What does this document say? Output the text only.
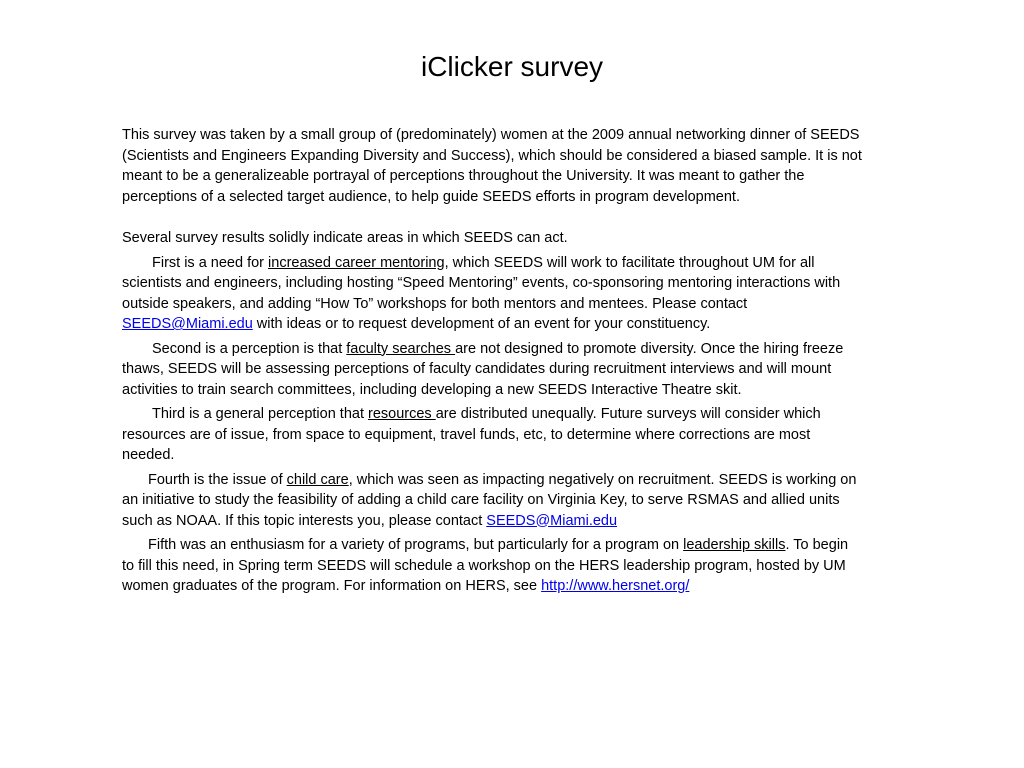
iClicker survey

This survey was taken by a small group of (predominately) women at the 2009 annual networking dinner of SEEDS (Scientists and Engineers Expanding Diversity and Success), which should be considered a biased sample. It is not meant to be a generalizeable portrayal of perceptions throughout the University. It was meant to gather the perceptions of a selected target audience, to help guide SEEDS efforts in program development.

Several survey results solidly indicate areas in which SEEDS can act.

First is a need for increased career mentoring, which SEEDS will work to facilitate throughout UM for all scientists and engineers, including hosting “Speed Mentoring” events, co-sponsoring mentoring interactions with outside speakers, and adding “How To” workshops for both mentors and mentees. Please contact SEEDS@Miami.edu with ideas or to request development of an event for your constituency.

Second is a perception is that faculty searches are not designed to promote diversity. Once the hiring freeze thaws, SEEDS will be assessing perceptions of faculty candidates during recruitment interviews and will mount activities to train search committees, including developing a new SEEDS Interactive Theatre skit.

Third is a general perception that resources are distributed unequally. Future surveys will consider which resources are of issue, from space to equipment, travel funds, etc, to determine where corrections are most needed.

Fourth is the issue of child care, which was seen as impacting negatively on recruitment. SEEDS is working on an initiative to study the feasibility of adding a child care facility on Virginia Key, to serve RSMAS and allied units such as NOAA. If this topic interests you, please contact SEEDS@Miami.edu

Fifth was an enthusiasm for a variety of programs, but particularly for a program on leadership skills. To begin to fill this need, in Spring term SEEDS will schedule a workshop on the HERS leadership program, hosted by UM women graduates of the program. For information on HERS, see http://www.hersnet.org/
